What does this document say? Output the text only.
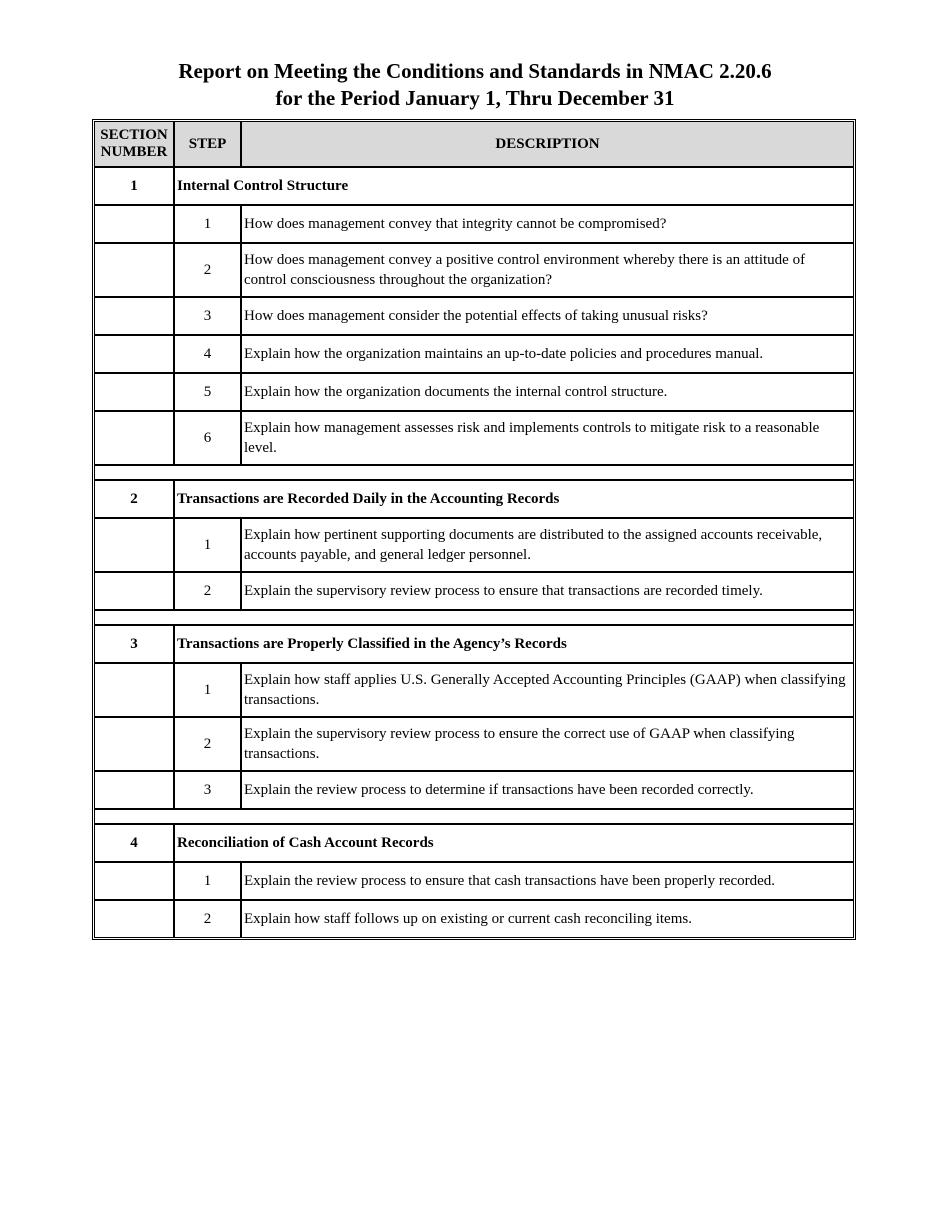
Report on Meeting the Conditions and Standards in NMAC 2.20.6
for the Period January 1, Thru December 31
SECTION
NUMBER	STEP	DESCRIPTION
1	Internal Control Structure	
	1	How does management convey that integrity cannot be compromised?
	2	How does management convey a positive control environment whereby there is an attitude of control consciousness throughout the organization?
	3	How does management consider the potential effects of taking unusual risks?
	4	Explain how the organization maintains an up-to-date policies and procedures manual.
	5	Explain how the organization documents the internal control structure.
	6	Explain how management assesses risk and implements controls to mitigate risk to a reasonable level.

2	Transactions are Recorded Daily in the Accounting Records	
	1	Explain how pertinent supporting documents are distributed to the assigned accounts receivable, accounts payable, and general ledger personnel.
	2	Explain the supervisory review process to ensure that transactions are recorded timely.

3	Transactions are Properly Classified in the Agency’s Records	
	1	Explain how staff applies U.S. Generally Accepted Accounting Principles (GAAP) when classifying transactions.
	2	Explain the supervisory review process to ensure the correct use of GAAP when classifying transactions.
	3	Explain the review process to determine if transactions have been recorded correctly.

4	Reconciliation of Cash Account Records	
	1	Explain the review process to ensure that cash transactions have been properly recorded.
	2	Explain how staff follows up on existing or current cash reconciling items.
